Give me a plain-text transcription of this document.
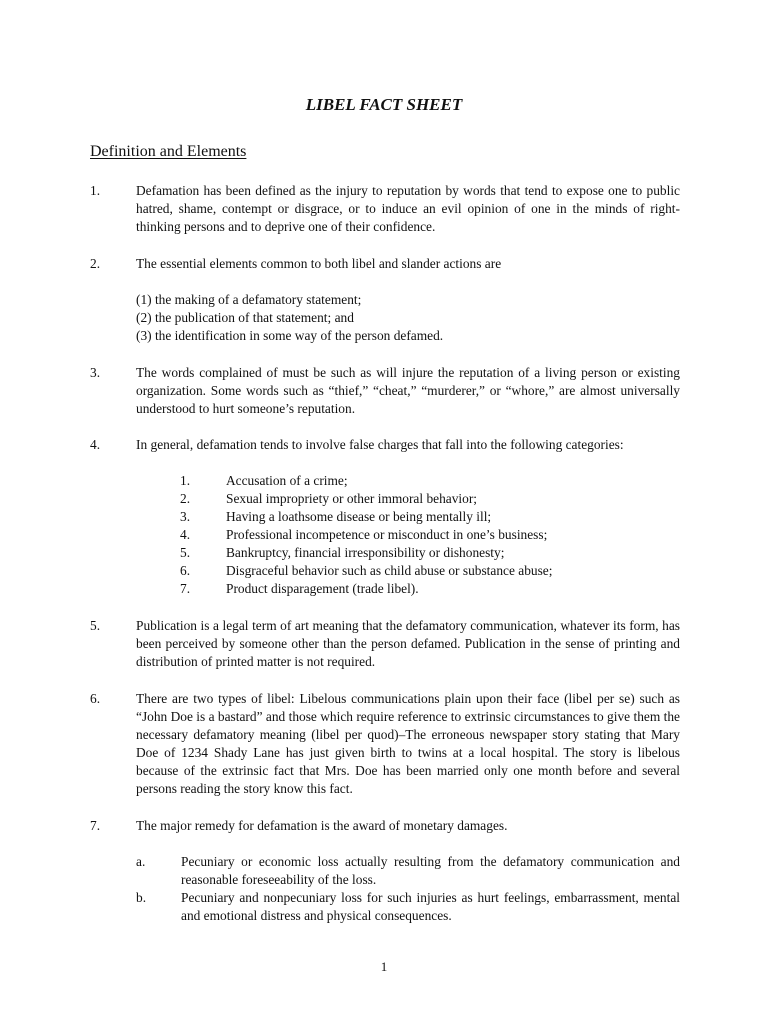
LIBEL FACT SHEET
Definition and Elements
1.	Defamation has been defined as the injury to reputation by words that tend to expose one to public hatred, shame, contempt or disgrace, or to induce an evil opinion of one in the minds of right-thinking persons and to deprive one of their confidence.

2.	The essential elements common to both libel and slander actions are

(1) the making of a defamatory statement;
(2) the publication of that statement; and
(3) the identification in some way of the person defamed.
3.	The words complained of must be such as will injure the reputation of a living person or existing organization. Some words such as “thief,” “cheat,” “murderer,” or “whore,” are almost universally understood to hurt someone’s reputation.

4.	In general, defamation tends to involve false charges that fall into the following categories:

1.	Accusation of a crime;
2.	Sexual impropriety or other immoral behavior;
3.	Having a loathsome disease or being mentally ill;
4.	Professional incompetence or misconduct in one’s business;
5.	Bankruptcy, financial irresponsibility or dishonesty;
6.	Disgraceful behavior such as child abuse or substance abuse;
7.	Product disparagement (trade libel).
5.	Publication is a legal term of art meaning that the defamatory communication, whatever its form, has been perceived by someone other than the person defamed. Publication in the sense of printing and distribution of printed matter is not required.

6.	There are two types of libel: Libelous communications plain upon their face (libel per se) such as “John Doe is a bastard” and those which require reference to extrinsic circumstances to give them the necessary defamatory meaning (libel per quod)–The erroneous newspaper story stating that Mary Doe of 1234 Shady Lane has just given birth to twins at a local hospital. The story is libelous because of the extrinsic fact that Mrs. Doe has been married only one month before and several persons reading the story know this fact.

7.	The major remedy for defamation is the award of monetary damages.

a.	Pecuniary or economic loss actually resulting from the defamatory communication and reasonable foreseeability of the loss.
b.	Pecuniary and nonpecuniary loss for such injuries as hurt feelings, embarrassment, mental and emotional distress and physical consequences.
1
